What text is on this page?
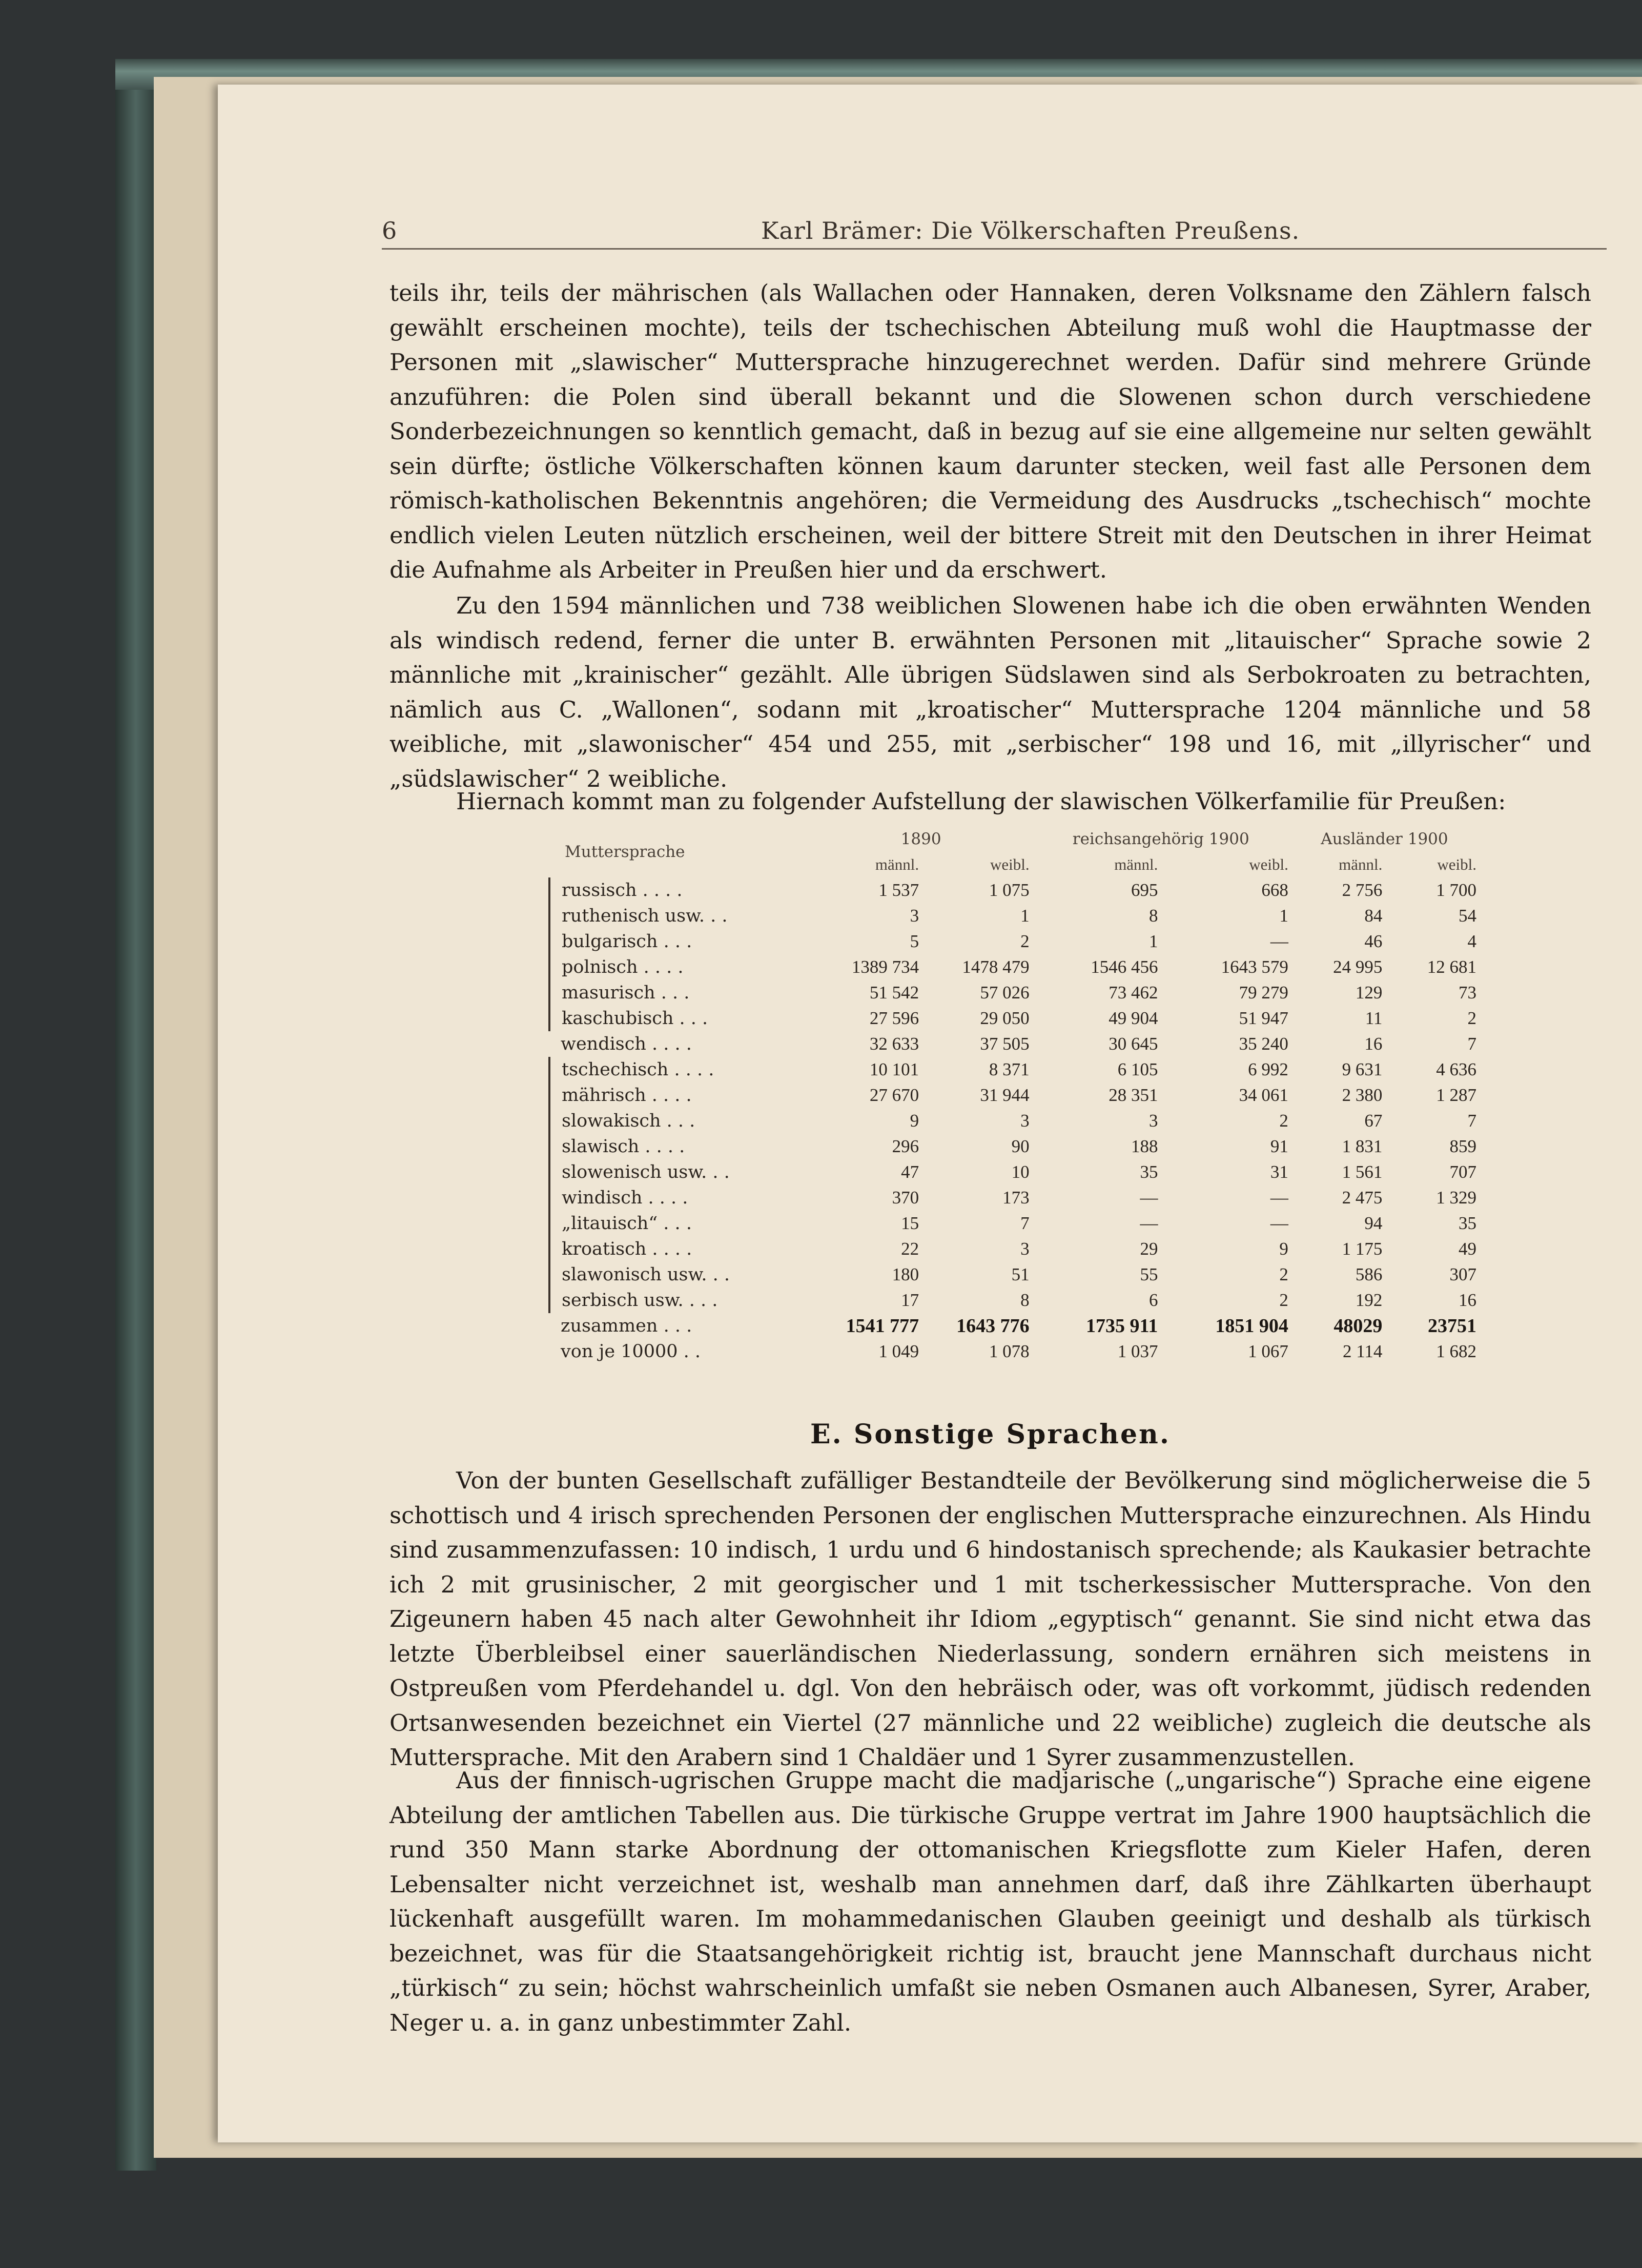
6	Karl Brämer: Die Völkerschaften Preußens.
teils ihr, teils der mährischen (als Wallachen oder Hannaken, deren Volksname den Zählern falsch gewählt erscheinen mochte), teils der tschechischen Abteilung muß wohl die Hauptmasse der Personen mit „slawischer“ Muttersprache hinzugerechnet werden. Dafür sind mehrere Gründe anzuführen: die Polen sind überall bekannt und die Slowenen schon durch verschiedene Sonderbezeichnungen so kenntlich gemacht, daß in bezug auf sie eine allgemeine nur selten gewählt sein dürfte; östliche Völkerschaften können kaum darunter stecken, weil fast alle Personen dem römisch-katholischen Bekenntnis angehören; die Vermeidung des Ausdrucks „tschechisch“ mochte endlich vielen Leuten nützlich erscheinen, weil der bittere Streit mit den Deutschen in ihrer Heimat die Aufnahme als Arbeiter in Preußen hier und da erschwert.
Zu den 1594 männlichen und 738 weiblichen Slowenen habe ich die oben erwähnten Wenden als windisch redend, ferner die unter B. erwähnten Personen mit „litauischer“ Sprache sowie 2 männliche mit „krainischer“ gezählt. Alle übrigen Südslawen sind als Serbokroaten zu betrachten, nämlich aus C. „Wallonen“, sodann mit „kroatischer“ Muttersprache 1204 männliche und 58 weibliche, mit „slawonischer“ 454 und 255, mit „serbischer“ 198 und 16, mit „illyrischer“ und „südslawischer“ 2 weibliche.
Hiernach kommt man zu folgender Aufstellung der slawischen Völkerfamilie für Preußen:
Muttersprache	1890		reichsangehörig 1900		Ausländer 1900	
	männl.	weibl.	männl.	weibl.	männl.	weibl.
russisch . . . .	1 537	1 075	695	668	2 756	1 700
ruthenisch usw. . .	3	1	8	1	84	54
bulgarisch . . .	5	2	1	—	46	4
polnisch . . . .	1389 734	1478 479	1546 456	1643 579	24 995	12 681
masurisch . . .	51 542	57 026	73 462	79 279	129	73
kaschubisch . . .	27 596	29 050	49 904	51 947	11	2
wendisch . . . .	32 633	37 505	30 645	35 240	16	7
tschechisch . . . .	10 101	8 371	6 105	6 992	9 631	4 636
mährisch . . . .	27 670	31 944	28 351	34 061	2 380	1 287
slowakisch . . .	9	3	3	2	67	7
slawisch . . . .	296	90	188	91	1 831	859
slowenisch usw. . .	47	10	35	31	1 561	707
windisch . . . .	370	173	—	—	2 475	1 329
„litauisch“ . . .	15	7	—	—	94	35
kroatisch . . . .	22	3	29	9	1 175	49
slawonisch usw. . .	180	51	55	2	586	307
serbisch usw. . . .	17	8	6	2	192	16
zusammen . . .	1541 777	1643 776	1735 911	1851 904	48029	23751
von je 10000 . .	1 049	1 078	1 037	1 067	2 114	1 682
E. Sonstige Sprachen.
Von der bunten Gesellschaft zufälliger Bestandteile der Bevölkerung sind möglicherweise die 5 schottisch und 4 irisch sprechenden Personen der englischen Muttersprache einzurechnen. Als Hindu sind zusammenzufassen: 10 indisch, 1 urdu und 6 hindostanisch sprechende; als Kaukasier betrachte ich 2 mit grusinischer, 2 mit georgischer und 1 mit tscherkessischer Muttersprache. Von den Zigeunern haben 45 nach alter Gewohnheit ihr Idiom „egyptisch“ genannt. Sie sind nicht etwa das letzte Überbleibsel einer sauerländischen Niederlassung, sondern ernähren sich meistens in Ostpreußen vom Pferdehandel u. dgl. Von den hebräisch oder, was oft vorkommt, jüdisch redenden Ortsanwesenden bezeichnet ein Viertel (27 männliche und 22 weibliche) zugleich die deutsche als Muttersprache. Mit den Arabern sind 1 Chaldäer und 1 Syrer zusammenzustellen.
Aus der finnisch-ugrischen Gruppe macht die madjarische („ungarische“) Sprache eine eigene Abteilung der amtlichen Tabellen aus. Die türkische Gruppe vertrat im Jahre 1900 hauptsächlich die rund 350 Mann starke Abordnung der ottomanischen Kriegsflotte zum Kieler Hafen, deren Lebensalter nicht verzeichnet ist, weshalb man annehmen darf, daß ihre Zählkarten überhaupt lückenhaft ausgefüllt waren. Im mohammedanischen Glauben geeinigt und deshalb als türkisch bezeichnet, was für die Staatsangehörigkeit richtig ist, braucht jene Mannschaft durchaus nicht „türkisch“ zu sein; höchst wahrscheinlich umfaßt sie neben Osmanen auch Albanesen, Syrer, Araber, Neger u. a. in ganz unbestimmter Zahl.
